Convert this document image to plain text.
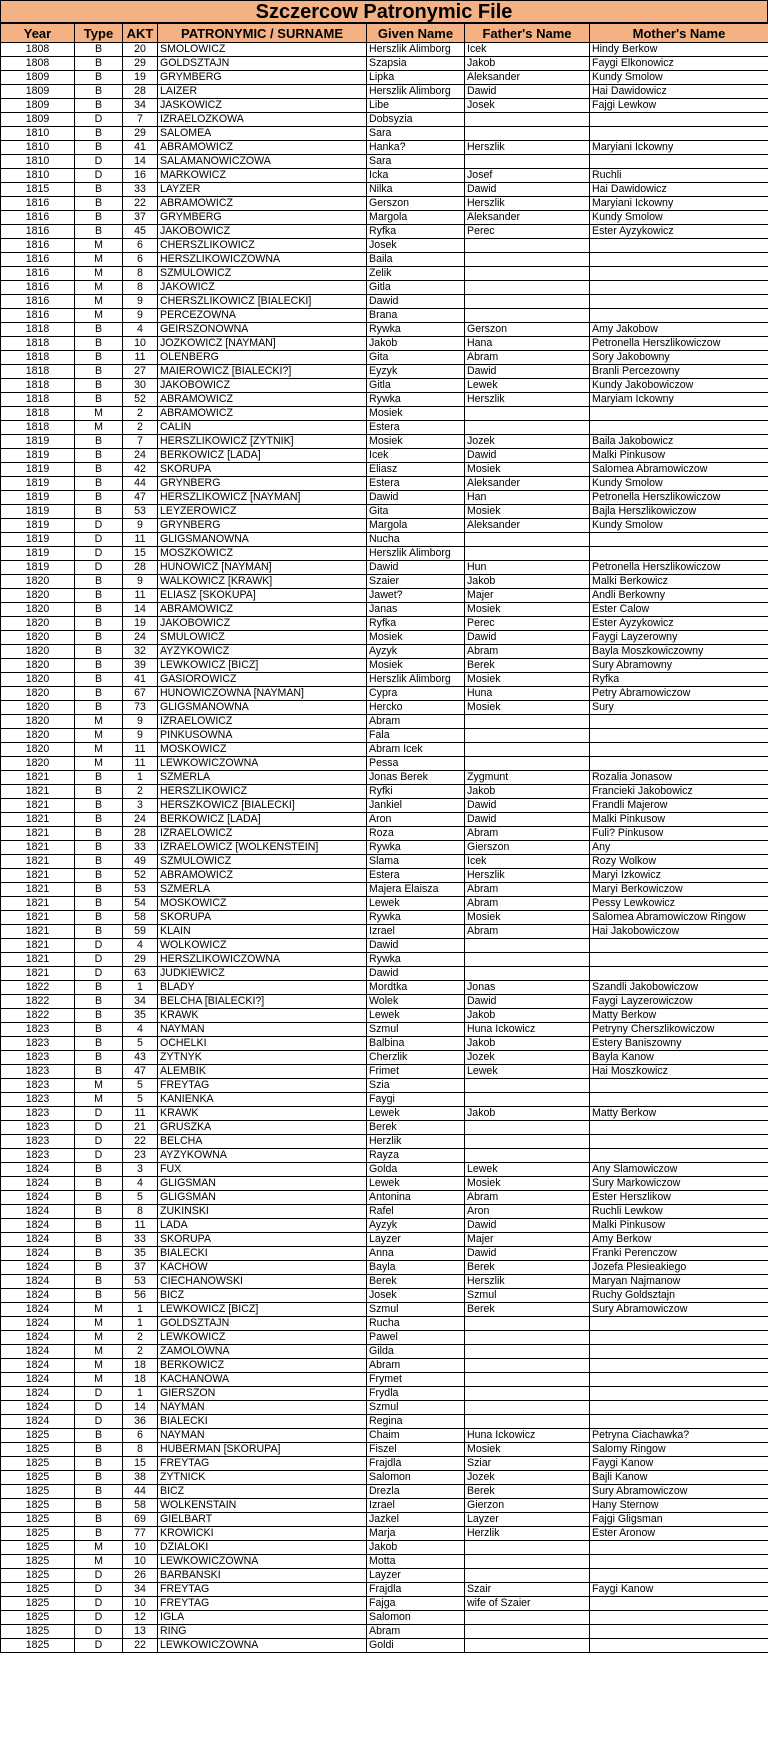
Szczercow Patronymic File
Year	Type	AKT	PATRONYMIC / SURNAME	Given Name	Father's Name	Mother's Name
1808	B	20	SMOLOWICZ	Herszlik Alimborg	Icek	Hindy Berkow
1808	B	29	GOLDSZTAJN	Szapsia	Jakob	Faygi Elkonowicz
1809	B	19	GRYMBERG	Lipka	Aleksander	Kundy Smolow
1809	B	28	LAIZER	Herszlik Alimborg	Dawid	Hai Dawidowicz
1809	B	34	JASKOWICZ	Libe	Josek	Fajgi Lewkow
1809	D	7	IZRAELOZKOWA	Dobsyzia		
1810	B	29	SALOMEA	Sara		
1810	B	41	ABRAMOWICZ	Hanka?	Herszlik	Maryiani Ickowny
1810	D	14	SALAMANOWICZOWA	Sara		
1810	D	16	MARKOWICZ	Icka	Josef	Ruchli
1815	B	33	LAYZER	Nilka	Dawid	Hai Dawidowicz
1816	B	22	ABRAMOWICZ	Gerszon	Herszlik	Maryiani Ickowny
1816	B	37	GRYMBERG	Margola	Aleksander	Kundy Smolow
1816	B	45	JAKOBOWICZ	Ryfka	Perec	Ester Ayzykowicz
1816	M	6	CHERSZLIKOWICZ	Josek		
1816	M	6	HERSZLIKOWICZOWNA	Baila		
1816	M	8	SZMULOWICZ	Zelik		
1816	M	8	JAKOWICZ	Gitla		
1816	M	9	CHERSZLIKOWICZ [BIALECKI]	Dawid		
1816	M	9	PERCEZOWNA	Brana		
1818	B	4	GEIRSZONOWNA	Rywka	Gerszon	Amy Jakobow
1818	B	10	JOZKOWICZ [NAYMAN]	Jakob	Hana	Petronella Herszlikowiczow
1818	B	11	OLENBERG	Gita	Abram	Sory Jakobowny
1818	B	27	MAIEROWICZ [BIALECKI?]	Eyzyk	Dawid	Branli Percezowny
1818	B	30	JAKOBOWICZ	Gitla	Lewek	Kundy Jakobowiczow
1818	B	52	ABRAMOWICZ	Rywka	Herszlik	Maryiam Ickowny
1818	M	2	ABRAMOWICZ	Mosiek		
1818	M	2	CALIN	Estera		
1819	B	7	HERSZLIKOWICZ [ZYTNIK]	Mosiek	Jozek	Baila Jakobowicz
1819	B	24	BERKOWICZ [LADA]	Icek	Dawid	Malki Pinkusow
1819	B	42	SKORUPA	Eliasz	Mosiek	Salomea Abramowiczow
1819	B	44	GRYNBERG	Estera	Aleksander	Kundy Smolow
1819	B	47	HERSZLIKOWICZ [NAYMAN]	Dawid	Han	Petronella Herszlikowiczow
1819	B	53	LEYZEROWICZ	Gita	Mosiek	Bajla Herszlikowiczow
1819	D	9	GRYNBERG	Margola	Aleksander	Kundy Smolow
1819	D	11	GLIGSMANOWNA	Nucha		
1819	D	15	MOSZKOWICZ	Herszlik Alimborg		
1819	D	28	HUNOWICZ [NAYMAN]	Dawid	Hun	Petronella Herszlikowiczow
1820	B	9	WALKOWICZ [KRAWK]	Szaier	Jakob	Malki Berkowicz
1820	B	11	ELIASZ [SKOKUPA]	Jawet?	Majer	Andli Berkowny
1820	B	14	ABRAMOWICZ	Janas	Mosiek	Ester Calow
1820	B	19	JAKOBOWICZ	Ryfka	Perec	Ester Ayzykowicz
1820	B	24	SMULOWICZ	Mosiek	Dawid	Faygi Layzerowny
1820	B	32	AYZYKOWICZ	Ayzyk	Abram	Bayla Moszkowiczowny
1820	B	39	LEWKOWICZ [BICZ]	Mosiek	Berek	Sury Abramowny
1820	B	41	GASIOROWICZ	Herszlik Alimborg	Mosiek	Ryfka
1820	B	67	HUNOWICZOWNA [NAYMAN]	Cypra	Huna	Petry Abramowiczow
1820	B	73	GLIGSMANOWNA	Hercko	Mosiek	Sury
1820	M	9	IZRAELOWICZ	Abram		
1820	M	9	PINKUSOWNA	Fala		
1820	M	11	MOSKOWICZ	Abram Icek		
1820	M	11	LEWKOWICZOWNA	Pessa		
1821	B	1	SZMERLA	Jonas Berek	Zygmunt	Rozalia Jonasow
1821	B	2	HERSZLIKOWICZ	Ryfki	Jakob	Francieki Jakobowicz
1821	B	3	HERSZKOWICZ [BIALECKI]	Jankiel	Dawid	Frandli Majerow
1821	B	24	BERKOWICZ [LADA]	Aron	Dawid	Malki Pinkusow
1821	B	28	IZRAELOWICZ	Roza	Abram	Fuli? Pinkusow
1821	B	33	IZRAELOWICZ [WOLKENSTEIN]	Rywka	Gierszon	Any
1821	B	49	SZMULOWICZ	Slama	Icek	Rozy Wolkow
1821	B	52	ABRAMOWICZ	Estera	Herszlik	Maryi Izkowicz
1821	B	53	SZMERLA	Majera Elaisza	Abram	Maryi Berkowiczow
1821	B	54	MOSKOWICZ	Lewek	Abram	Pessy Lewkowicz
1821	B	58	SKORUPA	Rywka	Mosiek	Salomea Abramowiczow Ringow
1821	B	59	KLAIN	Izrael	Abram	Hai Jakobowiczow
1821	D	4	WOLKOWICZ	Dawid		
1821	D	29	HERSZLIKOWICZOWNA	Rywka		
1821	D	63	JUDKIEWICZ	Dawid		
1822	B	1	BLADY	Mordtka	Jonas	Szandli Jakobowiczow
1822	B	34	BELCHA [BIALECKI?]	Wolek	Dawid	Faygi Layzerowiczow
1822	B	35	KRAWK	Lewek	Jakob	Matty Berkow
1823	B	4	NAYMAN	Szmul	Huna Ickowicz	Petryny Cherszlikowiczow
1823	B	5	OCHELKI	Balbina	Jakob	Estery Baniszowny
1823	B	43	ZYTNYK	Cherzlik	Jozek	Bayla Kanow
1823	B	47	ALEMBIK	Frimet	Lewek	Hai Moszkowicz
1823	M	5	FREYTAG	Szia		
1823	M	5	KANIENKA	Faygi		
1823	D	11	KRAWK	Lewek	Jakob	Matty Berkow
1823	D	21	GRUSZKA	Berek		
1823	D	22	BELCHA	Herzlik		
1823	D	23	AYZYKOWNA	Rayza		
1824	B	3	FUX	Golda	Lewek	Any Slamowiczow
1824	B	4	GLIGSMAN	Lewek	Mosiek	Sury Markowiczow
1824	B	5	GLIGSMAN	Antonina	Abram	Ester Herszlikow
1824	B	8	ZUKINSKI	Rafel	Aron	Ruchli Lewkow
1824	B	11	LADA	Ayzyk	Dawid	Malki Pinkusow
1824	B	33	SKORUPA	Layzer	Majer	Amy Berkow
1824	B	35	BIALECKI	Anna	Dawid	Franki Perenczow
1824	B	37	KACHOW	Bayla	Berek	Jozefa Plesieakiego
1824	B	53	CIECHANOWSKI	Berek	Herszlik	Maryan Najmanow
1824	B	56	BICZ	Josek	Szmul	Ruchy Goldsztajn
1824	M	1	LEWKOWICZ [BICZ]	Szmul	Berek	Sury Abramowiczow
1824	M	1	GOLDSZTAJN	Rucha		
1824	M	2	LEWKOWICZ	Pawel		
1824	M	2	ZAMOLOWNA	Gilda		
1824	M	18	BERKOWICZ	Abram		
1824	M	18	KACHANOWA	Frymet		
1824	D	1	GIERSZON	Frydla		
1824	D	14	NAYMAN	Szmul		
1824	D	36	BIALECKI	Regina		
1825	B	6	NAYMAN	Chaim	Huna Ickowicz	Petryna Ciachawka?
1825	B	8	HUBERMAN [SKORUPA]	Fiszel	Mosiek	Salomy Ringow
1825	B	15	FREYTAG	Frajdla	Sziar	Faygi Kanow
1825	B	38	ZYTNICK	Salomon	Jozek	Bajli Kanow
1825	B	44	BICZ	Drezla	Berek	Sury Abramowiczow
1825	B	58	WOLKENSTAIN	Izrael	Gierzon	Hany Sternow
1825	B	69	GIELBART	Jazkel	Layzer	Fajgi Gligsman
1825	B	77	KROWICKI	Marja	Herzlik	Ester Aronow
1825	M	10	DZIALOKI	Jakob		
1825	M	10	LEWKOWICZOWNA	Motta		
1825	D	26	BARBANSKI	Layzer		
1825	D	34	FREYTAG	Frajdla	Szair	Faygi Kanow
1825	D	10	FREYTAG	Fajga	wife of Szaier	
1825	D	12	IGLA	Salomon		
1825	D	13	RING	Abram		
1825	D	22	LEWKOWICZOWNA	Goldi		
